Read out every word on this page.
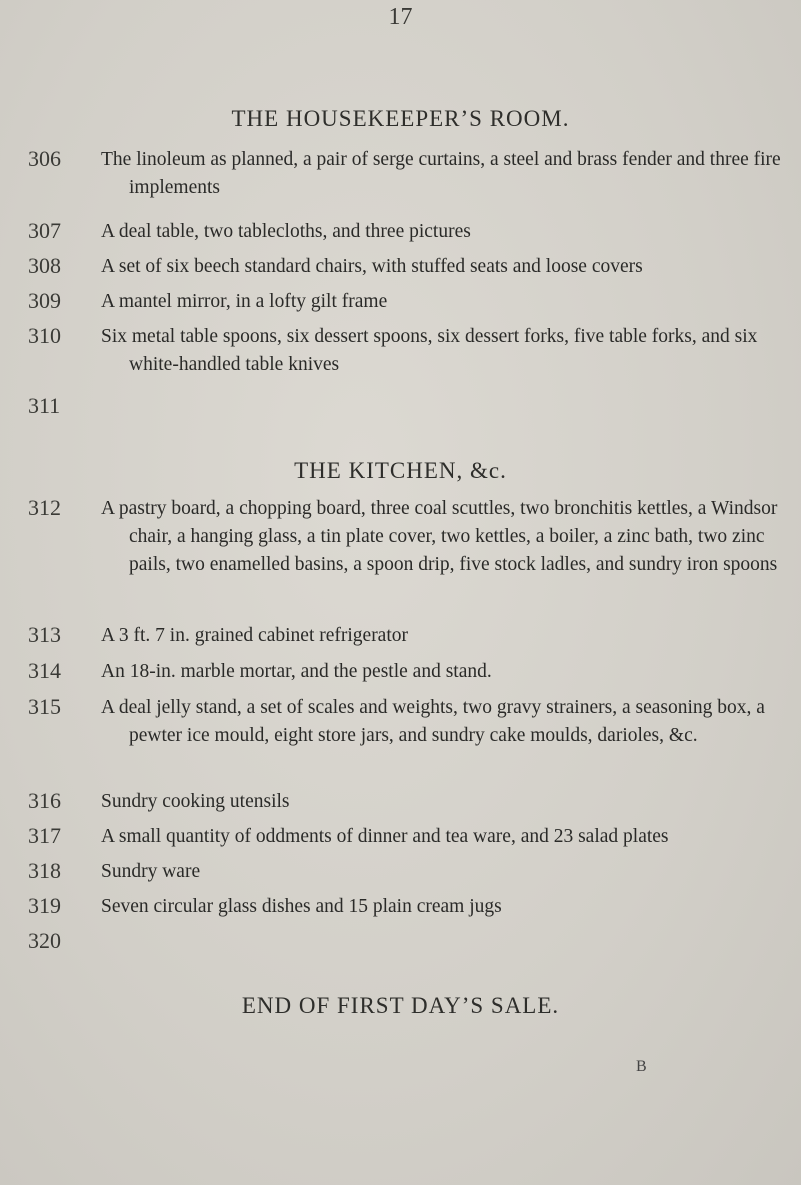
17
THE HOUSEKEEPER’S ROOM.
306	The linoleum as planned, a pair of serge curtains, a steel and brass fender and three fire implements
307	A deal table, two tablecloths, and three pictures
308	A set of six beech standard chairs, with stuffed seats and loose covers
309	A mantel mirror, in a lofty gilt frame
310	Six metal table spoons, six dessert spoons, six dessert forks, five table forks, and six white-handled table knives
311
THE KITCHEN, &c.
312	A pastry board, a chopping board, three coal scuttles, two bronchitis kettles, a Windsor chair, a hanging glass, a tin plate cover, two kettles, a boiler, a zinc bath, two zinc pails, two enamelled basins, a spoon drip, five stock ladles, and sundry iron spoons
313	A 3 ft. 7 in. grained cabinet refrigerator
314	An 18-in. marble mortar, and the pestle and stand.
315	A deal jelly stand, a set of scales and weights, two gravy strainers, a seasoning box, a pewter ice mould, eight store jars, and sundry cake moulds, darioles, &c.
316	Sundry cooking utensils
317	A small quantity of oddments of dinner and tea ware, and 23 salad plates
318	Sundry ware
319	Seven circular glass dishes and 15 plain cream jugs
320
END OF FIRST DAY’S SALE.
B
